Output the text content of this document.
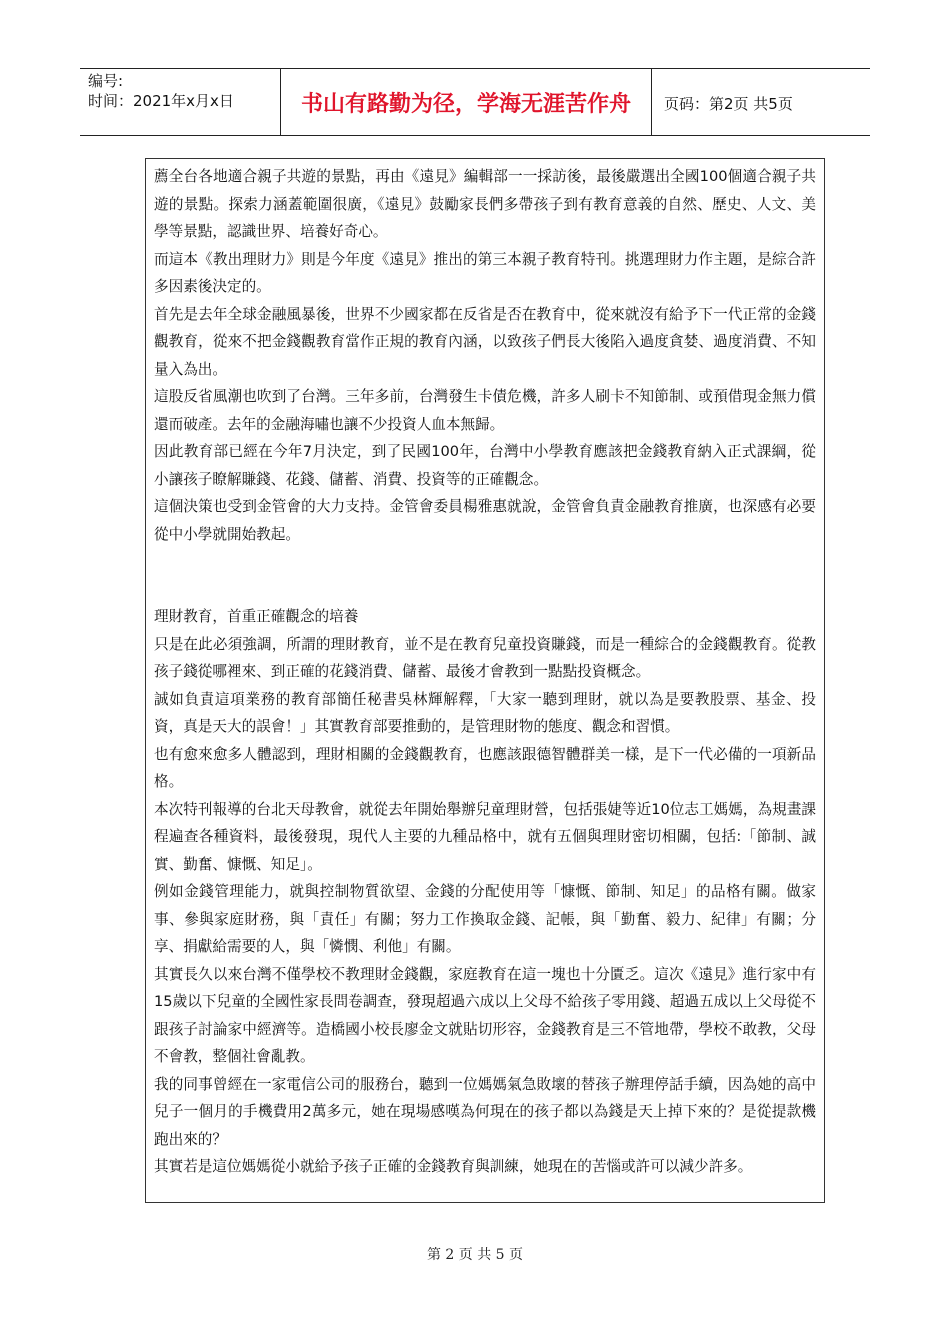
编号:
时间：2021年x月x日	书山有路勤为径，学海无涯苦作舟	页码：第2页 共5页

薦全台各地適合親子共遊的景點，再由《遠見》編輯部一一採訪後，最後嚴選出全國100個適合親子共遊的景點。探索力涵蓋範圍很廣，《遠見》鼓勵家長們多帶孩子到有教育意義的自然、歷史、人文、美學等景點，認識世界、培養好奇心。

而這本《教出理財力》則是今年度《遠見》推出的第三本親子教育特刊。挑選理財力作主題，是綜合許多因素後決定的。

首先是去年全球金融風暴後，世界不少國家都在反省是否在教育中，從來就沒有給予下一代正常的金錢觀教育，從來不把金錢觀教育當作正規的教育內涵，以致孩子們長大後陷入過度貪婪、過度消費、不知量入為出。

這股反省風潮也吹到了台灣。三年多前，台灣發生卡債危機，許多人刷卡不知節制、或預借現金無力償還而破產。去年的金融海嘯也讓不少投資人血本無歸。

因此教育部已經在今年7月決定，到了民國100年，台灣中小學教育應該把金錢教育納入正式課綱，從小讓孩子瞭解賺錢、花錢、儲蓄、消費、投資等的正確觀念。

這個決策也受到金管會的大力支持。金管會委員楊雅惠就說，金管會負責金融教育推廣，也深感有必要從中小學就開始教起。

理財教育，首重正確觀念的培養

只是在此必須強調，所謂的理財教育，並不是在教育兒童投資賺錢，而是一種綜合的金錢觀教育。從教孩子錢從哪裡來、到正確的花錢消費、儲蓄、最後才會教到一點點投資概念。

誠如負責這項業務的教育部簡任秘書吳林輝解釋，「大家一聽到理財，就以為是要教股票、基金、投資，真是天大的誤會！」其實教育部要推動的，是管理財物的態度、觀念和習慣。

也有愈來愈多人體認到，理財相關的金錢觀教育，也應該跟德智體群美一樣，是下一代必備的一項新品格。

本次特刊報導的台北天母教會，就從去年開始舉辦兒童理財營，包括張婕等近10位志工媽媽，為規畫課程遍查各種資料，最後發現，現代人主要的九種品格中，就有五個與理財密切相關，包括:「節制、誠實、勤奮、慷慨、知足」。

例如金錢管理能力，就與控制物質欲望、金錢的分配使用等「慷慨、節制、知足」的品格有關。做家事、參與家庭財務，與「責任」有關；努力工作換取金錢、記帳，與「勤奮、毅力、紀律」有關；分享、捐獻給需要的人，與「憐憫、利他」有關。

其實長久以來台灣不僅學校不教理財金錢觀，家庭教育在這一塊也十分匱乏。這次《遠見》進行家中有15歲以下兒童的全國性家長問卷調查，發現超過六成以上父母不給孩子零用錢、超過五成以上父母從不跟孩子討論家中經濟等。造橋國小校長廖金文就貼切形容，金錢教育是三不管地帶，學校不敢教，父母不會教，整個社會亂教。

我的同事曾經在一家電信公司的服務台，聽到一位媽媽氣急敗壞的替孩子辦理停話手續，因為她的高中兒子一個月的手機費用2萬多元，她在現場感嘆為何現在的孩子都以為錢是天上掉下來的？是從提款機跑出來的？

其實若是這位媽媽從小就給予孩子正確的金錢教育與訓練，她現在的苦惱或許可以減少許多。

第 2 页 共 5 页
